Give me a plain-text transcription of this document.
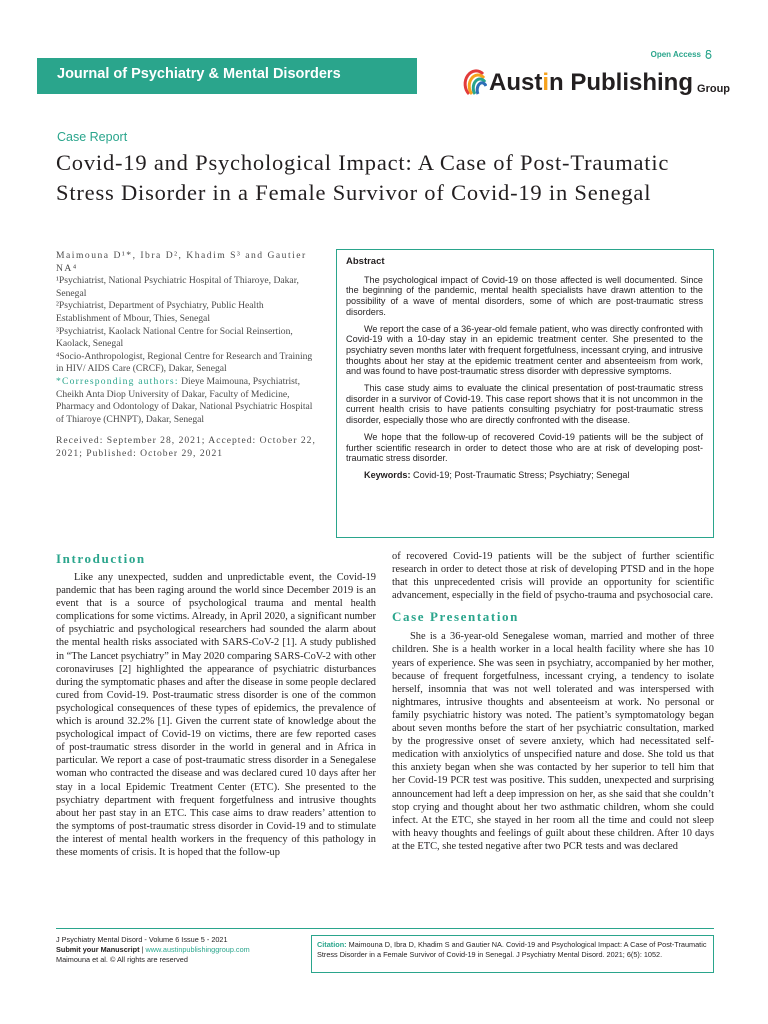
Open Access
Journal of Psychiatry & Mental Disorders	Austin Publishing Group
Case Report
Covid-19 and Psychological Impact: A Case of Post-Traumatic Stress Disorder in a Female Survivor of Covid-19 in Senegal
Maimouna D¹*, Ibra D², Khadim S³ and Gautier NA⁴
¹Psychiatrist, National Psychiatric Hospital of Thiaroye, Dakar, Senegal
²Psychiatrist, Department of Psychiatry, Public Health Establishment of Mbour, Thies, Senegal
³Psychiatrist, Kaolack National Centre for Social Reinsertion, Kaolack, Senegal
⁴Socio-Anthropologist, Regional Centre for Research and Training in HIV/ AIDS Care (CRCF), Dakar, Senegal
*Corresponding authors: Dieye Maimouna, Psychiatrist, Cheikh Anta Diop University of Dakar, Faculty of Medicine, Pharmacy and Odontology of Dakar, National Psychiatric Hospital of Thiaroye (CHNPT), Dakar, Senegal
Received: September 28, 2021; Accepted: October 22, 2021; Published: October 29, 2021
Abstract

The psychological impact of Covid-19 on those affected is well documented. Since the beginning of the pandemic, mental health specialists have drawn attention to the possibility of a wave of mental disorders, some of which are post-traumatic stress disorders.

We report the case of a 36-year-old female patient, who was directly confronted with Covid-19 with a 10-day stay in an epidemic treatment center. She presented to the psychiatry seven months later with frequent forgetfulness, incessant crying, and intrusive thoughts about her stay at the epidemic treatment center and absenteeism from work, and was found to have post-traumatic stress disorder with depressive symptoms.

This case study aims to evaluate the clinical presentation of post-traumatic stress disorder in a survivor of Covid-19. This case report shows that it is not uncommon in the current health crisis to have patients consulting psychiatry for post-traumatic stress disorder, especially those who are directly confronted with the disease.

We hope that the follow-up of recovered Covid-19 patients will be the subject of further scientific research in order to detect those who are at risk of developing post-traumatic stress disorder.

Keywords: Covid-19; Post-Traumatic Stress; Psychiatry; Senegal
Introduction

Like any unexpected, sudden and unpredictable event, the Covid-19 pandemic that has been raging around the world since December 2019 is an event that is a source of psychological trauma and mental health complications for some victims. Already, in April 2020, a significant number of psychiatric and psychological researchers had sounded the alarm about the mental health risks associated with SARS-CoV-2 [1]. A study published in “The Lancet psychiatry” in May 2020 comparing SARS-CoV-2 with other coronaviruses [2] highlighted the appearance of psychiatric disturbances during the symptomatic phases and after the disease in some people declared cured from Covid-19. Post-traumatic stress disorder is one of the common psychological consequences of these types of epidemics, the prevalence of which is around 32.2% [1]. Given the current state of knowledge about the psychological impact of Covid-19 on victims, there are few reported cases of post-traumatic stress disorder in the world in general and in Africa in particular. We report a case of post-traumatic stress disorder in a Senegalese woman who contracted the disease and was declared cured 10 days after her stay in a local Epidemic Treatment Center (ETC). She presented to the psychiatry department with frequent forgetfulness and intrusive thoughts about her past stay in an ETC. This case aims to draw readers’ attention to the symptoms of post-traumatic stress disorder in Covid-19 and to stimulate the interest of mental health workers in the frequency of this pathology in these moments of crisis. It is hoped that the follow-up

of recovered Covid-19 patients will be the subject of further scientific research in order to detect those at risk of developing PTSD and in the hope that this unprecedented crisis will provide an opportunity for scientific advancement, especially in the field of psycho-trauma and psychosocial care.

Case Presentation

She is a 36-year-old Senegalese woman, married and mother of three children. She is a health worker in a local health facility where she has 10 years of experience. She was seen in psychiatry, accompanied by her mother, because of frequent forgetfulness, incessant crying, a tendency to isolate herself, insomnia that was not well tolerated and was interspersed with nightmares, intrusive thoughts and absenteeism at work. No personal or family psychiatric history was noted. The patient’s symptomatology began about seven months before the start of her psychiatric consultation, marked by the progressive onset of severe anxiety, which had necessitated self-medication with anxiolytics of unspecified nature and dose. She told us that this anxiety began when she was contacted by her superior to tell him that her Covid-19 PCR test was positive. This sudden, unexpected and surprising announcement had left a deep impression on her, as she said that she couldn’t stop crying and thought about her two asthmatic children, whom she could infect. At the ETC, she stayed in her room all the time and could not sleep with heavy thoughts and feelings of guilt about these children. After 10 days at the ETC, she tested negative after two PCR tests and was declared

J Psychiatry Mental Disord - Volume 6 Issue 5 - 2021
Submit your Manuscript | www.austinpublishinggroup.com
Maimouna et al. © All rights are reserved
Citation: Maimouna D, Ibra D, Khadim S and Gautier NA. Covid-19 and Psychological Impact: A Case of Post-Traumatic Stress Disorder in a Female Survivor of Covid-19 in Senegal. J Psychiatry Mental Disord. 2021; 6(5): 1052.
